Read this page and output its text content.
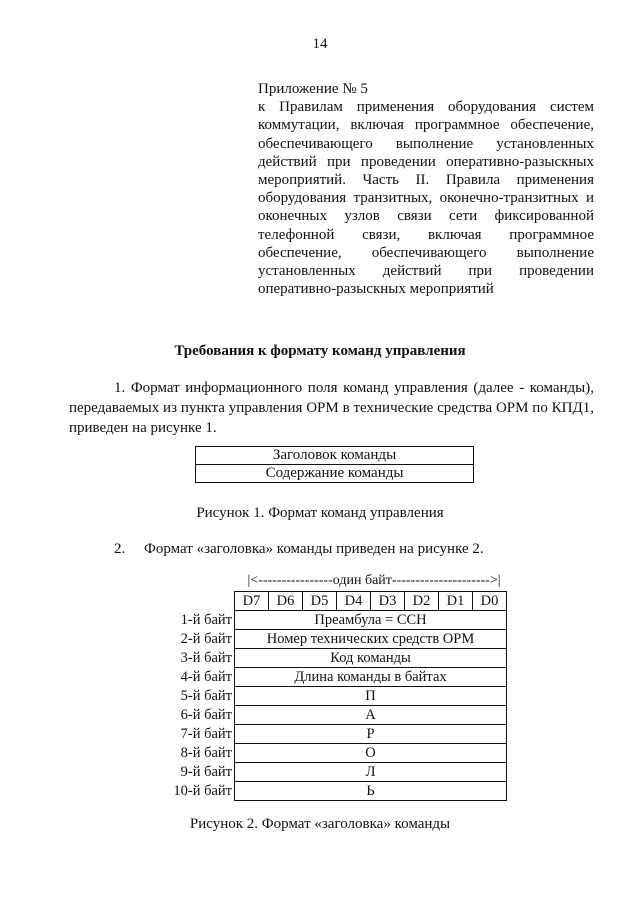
14
Приложение № 5
к Правилам применения оборудования систем коммутации, включая программное обеспечение, обеспечивающего выполнение установленных действий при проведении оперативно-разыскных мероприятий. Часть II. Правила применения оборудования транзитных, оконечно-транзитных и оконечных узлов связи сети фиксированной телефонной связи, включая программное обеспечение, обеспечивающего выполнение установленных действий при проведении оперативно-разыскных мероприятий
Требования к формату команд управления
1. Формат информационного поля команд управления (далее - команды), передаваемых из пункта управления ОРМ в технические средства ОРМ по КПД1, приведен на рисунке 1.
Заголовок команды
Содержание команды
Рисунок 1. Формат команд управления
2. Формат «заголовка» команды приведен на рисунке 2.
|<----------------один байт--------------------->|
	D7	D6	D5	D4	D3	D2	D1	D0
1-й байт	Преамбула = ССН							
2-й байт	Номер технических средств ОРМ							
3-й байт	Код команды							
4-й байт	Длина команды в байтах							
5-й байт	П							
6-й байт	А							
7-й байт	Р							
8-й байт	О							
9-й байт	Л							
10-й байт	Ь							
Рисунок 2. Формат «заголовка» команды
